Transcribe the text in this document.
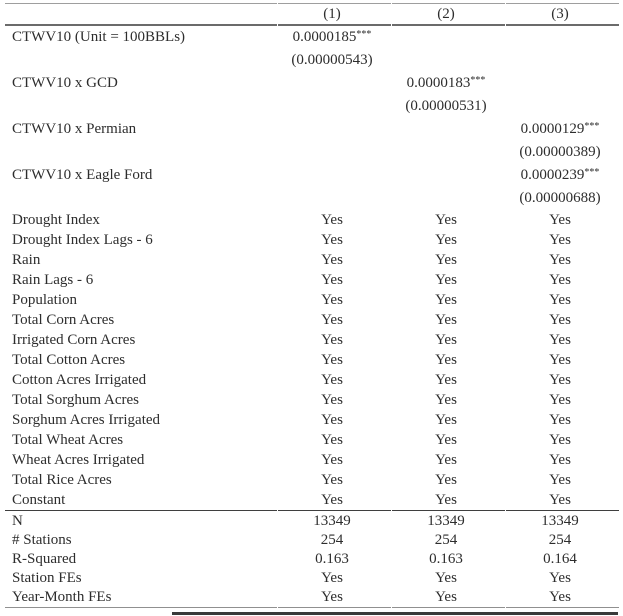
	(1)	(2)	(3)
CTWV10 (Unit = 100BBLs)	0.0000185***		
	(0.00000543)		
CTWV10 x GCD		0.0000183***	
		(0.00000531)	
CTWV10 x Permian			0.0000129***
			(0.00000389)
CTWV10 x Eagle Ford			0.0000239***
			(0.00000688)
Drought Index	Yes	Yes	Yes
Drought Index Lags - 6	Yes	Yes	Yes
Rain	Yes	Yes	Yes
Rain Lags - 6	Yes	Yes	Yes
Population	Yes	Yes	Yes
Total Corn Acres	Yes	Yes	Yes
Irrigated Corn Acres	Yes	Yes	Yes
Total Cotton Acres	Yes	Yes	Yes
Cotton Acres Irrigated	Yes	Yes	Yes
Total Sorghum Acres	Yes	Yes	Yes
Sorghum Acres Irrigated	Yes	Yes	Yes
Total Wheat Acres	Yes	Yes	Yes
Wheat Acres Irrigated	Yes	Yes	Yes
Total Rice Acres	Yes	Yes	Yes
Constant	Yes	Yes	Yes
N	13349	13349	13349
# Stations	254	254	254
R-Squared	0.163	0.163	0.164
Station FEs	Yes	Yes	Yes
Year-Month FEs	Yes	Yes	Yes
